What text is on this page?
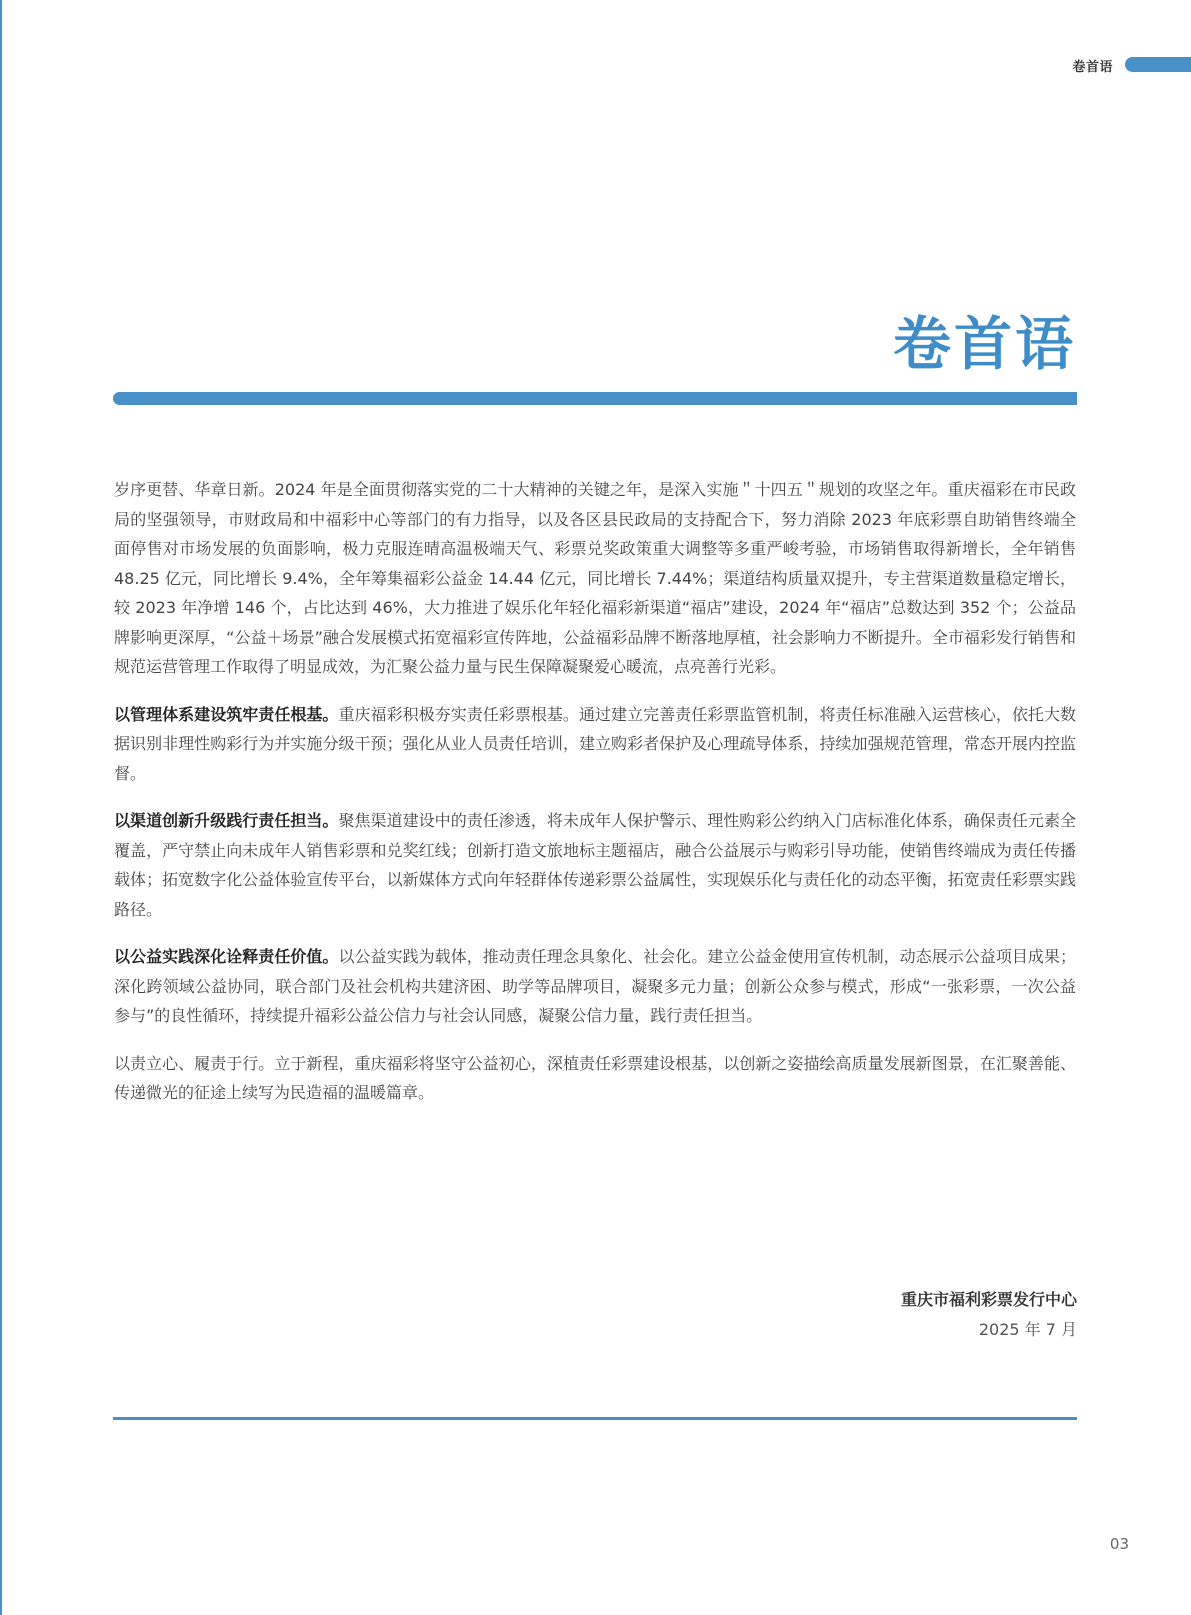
卷首语
卷首语

岁序更替、华章日新。2024 年是全面贯彻落实党的二十大精神的关键之年，是深入实施＂十四五＂规划的攻坚之年。重庆福彩在市民政局的坚强领导，市财政局和中福彩中心等部门的有力指导，以及各区县民政局的支持配合下，努力消除 2023 年底彩票自助销售终端全面停售对市场发展的负面影响，极力克服连晴高温极端天气、彩票兑奖政策重大调整等多重严峻考验，市场销售取得新增长，全年销售 48.25 亿元，同比增长 9.4%，全年筹集福彩公益金 14.44 亿元，同比增长 7.44%；渠道结构质量双提升，专主营渠道数量稳定增长，较 2023 年净增 146 个，占比达到 46%，大力推进了娱乐化年轻化福彩新渠道“福店”建设，2024 年“福店”总数达到 352 个；公益品牌影响更深厚，“公益＋场景”融合发展模式拓宽福彩宣传阵地，公益福彩品牌不断落地厚植，社会影响力不断提升。全市福彩发行销售和规范运营管理工作取得了明显成效，为汇聚公益力量与民生保障凝聚爱心暖流，点亮善行光彩。

以管理体系建设筑牢责任根基。重庆福彩积极夯实责任彩票根基。通过建立完善责任彩票监管机制，将责任标准融入运营核心，依托大数据识别非理性购彩行为并实施分级干预；强化从业人员责任培训，建立购彩者保护及心理疏导体系，持续加强规范管理，常态开展内控监督。

以渠道创新升级践行责任担当。聚焦渠道建设中的责任渗透，将未成年人保护警示、理性购彩公约纳入门店标准化体系，确保责任元素全覆盖，严守禁止向未成年人销售彩票和兑奖红线；创新打造文旅地标主题福店，融合公益展示与购彩引导功能，使销售终端成为责任传播载体；拓宽数字化公益体验宣传平台，以新媒体方式向年轻群体传递彩票公益属性，实现娱乐化与责任化的动态平衡，拓宽责任彩票实践路径。

以公益实践深化诠释责任价值。以公益实践为载体，推动责任理念具象化、社会化。建立公益金使用宣传机制，动态展示公益项目成果；深化跨领域公益协同，联合部门及社会机构共建济困、助学等品牌项目，凝聚多元力量；创新公众参与模式，形成“一张彩票，一次公益参与”的良性循环，持续提升福彩公益公信力与社会认同感，凝聚公信力量，践行责任担当。

以责立心、履责于行。立于新程，重庆福彩将坚守公益初心，深植责任彩票建设根基，以创新之姿描绘高质量发展新图景，在汇聚善能、传递微光的征途上续写为民造福的温暖篇章。

重庆市福利彩票发行中心
2025 年 7 月
03
